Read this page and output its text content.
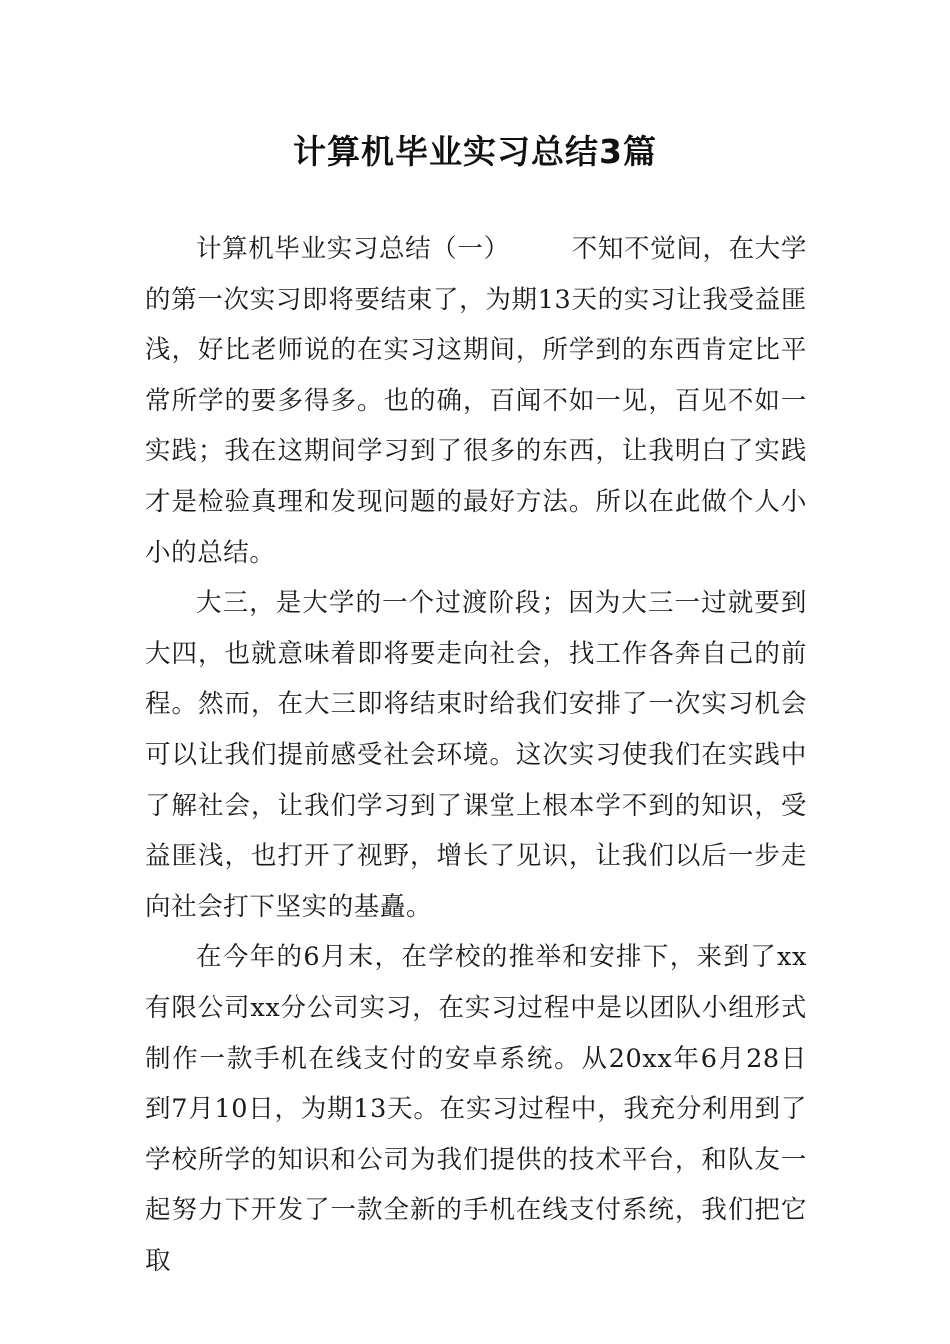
计算机毕业实习总结3篇

计算机毕业实习总结（一） 不知不觉间，在大学的第一次实习即将要结束了，为期13天的实习让我受益匪浅，好比老师说的在实习这期间，所学到的东西肯定比平常所学的要多得多。也的确，百闻不如一见，百见不如一实践；我在这期间学习到了很多的东西，让我明白了实践才是检验真理和发现问题的最好方法。所以在此做个人小小的总结。

大三，是大学的一个过渡阶段；因为大三一过就要到大四，也就意味着即将要走向社会，找工作各奔自己的前程。然而，在大三即将结束时给我们安排了一次实习机会可以让我们提前感受社会环境。这次实习使我们在实践中了解社会，让我们学习到了课堂上根本学不到的知识，受益匪浅，也打开了视野，增长了见识，让我们以后一步走向社会打下坚实的基矗。

在今年的6月末，在学校的推举和安排下，来到了xx有限公司xx分公司实习，在实习过程中是以团队小组形式制作一款手机在线支付的安卓系统。从20xx年6月28日到7月10日，为期13天。在实习过程中，我充分利用到了学校所学的知识和公司为我们提供的技术平台，和队友一起努力下开发了一款全新的手机在线支付系统，我们把它取
